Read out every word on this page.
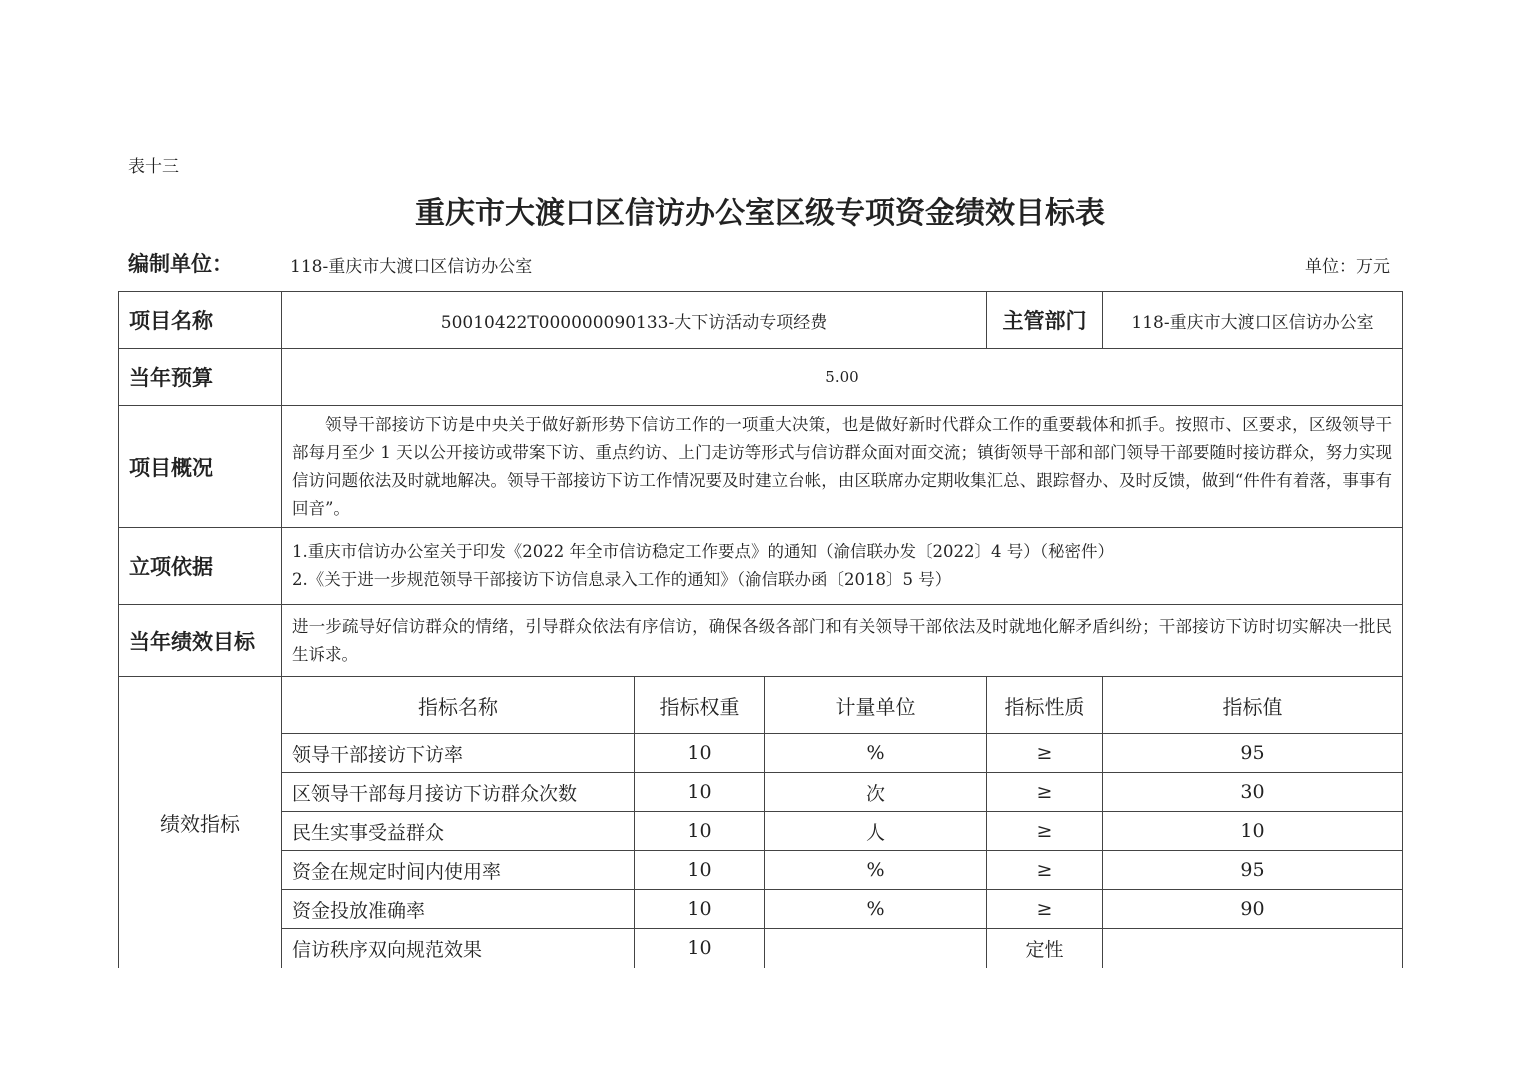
表十三
重庆市大渡口区信访办公室区级专项资金绩效目标表
编制单位：	118-重庆市大渡口区信访办公室	单位：万元
项目名称	50010422T000000090133-大下访活动专项经费			主管部门	118-重庆市大渡口区信访办公室
当年预算	5.00				
项目概况	领导干部接访下访是中央关于做好新形势下信访工作的一项重大决策，也是做好新时代群众工作的重要载体和抓手。按照市、区要求，区级领导干部每月至少 1 天以公开接访或带案下访、重点约访、上门走访等形式与信访群众面对面交流；镇街领导干部和部门领导干部要随时接访群众，努力实现信访问题依法及时就地解决。领导干部接访下访工作情况要及时建立台帐，由区联席办定期收集汇总、跟踪督办、及时反馈，做到“件件有着落，事事有回音”。				
立项依据	1.重庆市信访办公室关于印发《2022 年全市信访稳定工作要点》的通知（渝信联办发〔2022〕4 号）（秘密件）
2.《关于进一步规范领导干部接访下访信息录入工作的通知》（渝信联办函〔2018〕5 号）				

当年绩效目标	进一步疏导好信访群众的情绪，引导群众依法有序信访，确保各级各部门和有关领导干部依法及时就地化解矛盾纠纷；干部接访下访时切实解决一批民生诉求。				
绩效指标	指标名称	指标权重	计量单位	指标性质	指标值
	领导干部接访下访率	10	%	≥	95
	区领导干部每月接访下访群众次数	10	次	≥	30
	民生实事受益群众	10	人	≥	10
	资金在规定时间内使用率	10	%	≥	95
	资金投放准确率	10	%	≥	90
	信访秩序双向规范效果	10		定性	
